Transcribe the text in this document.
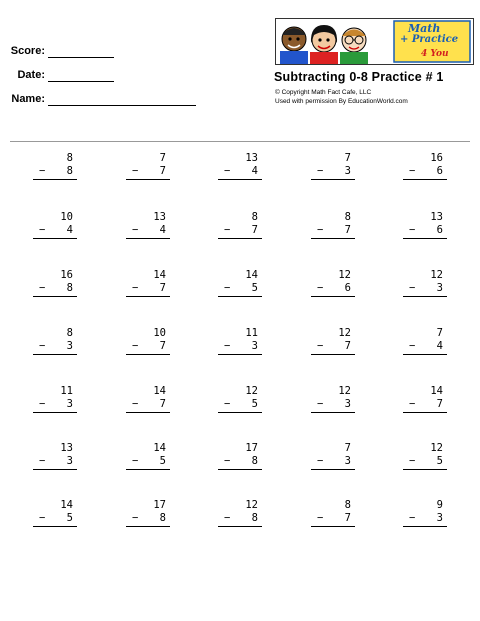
Score:
Date:
Name:
Math
+ Practice
4 You
Subtracting 0-8 Practice # 1
© Copyright Math Fact Cafe, LLC
Used with permission By EducationWorld.com
8
− 8
7
− 7
13
− 4
7
− 3
16
− 6
10
− 4
13
− 4
8
− 7
8
− 7
13
− 6
16
− 8
14
− 7
14
− 5
12
− 6
12
− 3
8
− 3
10
− 7
11
− 3
12
− 7
7
− 4
11
− 3
14
− 7
12
− 5
12
− 3
14
− 7
13
− 3
14
− 5
17
− 8
7
− 3
12
− 5
14
− 5
17
− 8
12
− 8
8
− 7
9
− 3
